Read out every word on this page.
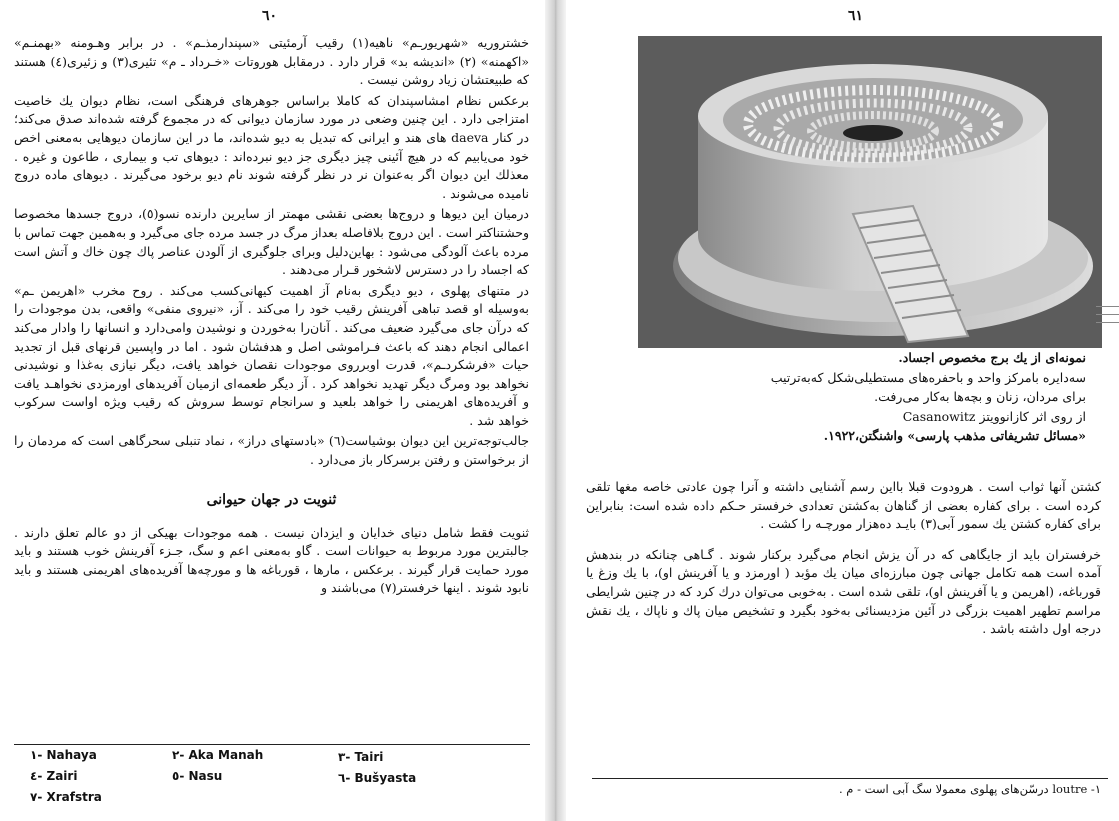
٦٠

خشتروریه «شهریورـم» ناهیه(۱) رقیب آرمئیتی «سپندارمذـم» . در برابر وهـومنه «بهمنـم» «اکهمنه» (۲) «اندیشه بد» قرار دارد . درمقابل هوروتات «خـرداد ـ م» تئیری(۳) و زئیری(٤) هستند که طبیعتشان زیاد روشن نیست .

برعکس نظام امشاسپندان که کاملا براساس جوهرهای فرهنگی است، نظام دیوان یك خاصیت امتزاجی دارد . این چنین وضعی در مورد سازمان دیوانی که در مجموع گرفته شده‌اند صدق می‌کند؛ در کنار daeva های هند و ایرانی که تبدیل به دیو شده‌اند، ما در این سازمان دیوهایی به‌معنی اخص خود می‌یابیم که در هیچ آئینی چیز دیگری جز دیو نبرده‌اند : دیوهای تب و بیماری ، طاعون و غیره . معذلك این دیوان اگر به‌عنوان نر در نظر گرفته شوند نام دیو برخود می‌گیرند . دیوهای ماده دروج نامیده می‌شوند .

درمیان این دیوها و دروج‌ها بعضی نقشی مهمتر از سایرین دارنده نسو(٥)، دروج جسدها مخصوصا وحشتناکتر است . این دروج بلافاصله بعداز مرگ در جسد مرده جای می‌گیرد و به‌همین جهت تماس با مرده باعث آلودگی می‌شود : بهاین‌دلیل وبرای جلوگیری از آلودن عناصر پاك چون خاك و آتش است که اجساد را در دسترس لاشخور قـرار می‌دهند .

در متنهای پهلوی ، دیو دیگری به‌نام آز اهمیت کیهانی‌کسب می‌کند . روح مخرب «اهریمن ـم» به‌وسیله او قصد تباهی آفرینش رقیب خود را می‌کند . آز، «نیروی منفی» واقعی، بدن موجودات را که درآن جای می‌گیرد ضعیف می‌کند . آنان‌را به‌خوردن و نوشیدن وامی‌دارد و انسانها را وادار می‌کند اعمالی انجام دهند که باعث فـراموشی اصل و هدفشان شود . اما در واپسین قرنهای قبل از تجدید حیات «فرشکردـم»، قدرت اوبرروی موجودات نقصان خواهد یافت، دیگر نیازی به‌غذا و نوشیدنی نخواهد بود ومرگ دیگر تهدید نخواهد کرد . آز دیگر طعمه‌ای ازمیان آفریدهای اورمزدی نخواهـد یافت و آفریده‌های اهریمنی را خواهد بلعید و سرانجام توسط سروش که رقیب ویژه اواست سرکوب خواهد شد .

جالب‌توجه‌ترین این دیوان بوشیاست(٦) «بادستهای دراز» ، نماد تنبلی سحرگاهی است که مردمان را از برخواستن و رفتن برسرکار باز می‌دارد .

ثنویت در جهان حیوانی

ثنویت فقط شامل دنیای خدایان و ایزدان نیست . همه موجودات بهیکی از دو عالم تعلق دارند . جالبترین مورد مربوط به حیوانات است . گاو به‌معنی اعم و سگ، جـزء آفرینش خوب هستند و باید مورد حمایت قرار گیرند . برعکس ، مارها ، قورباغه ها و مورچه‌ها آفریده‌های اهریمنی هستند و باید نابود شوند . اینها خرفستر(۷) می‌باشند و

۱- Nahaya	۲- Aka Manah	۳- Tairi
٤- Zairi	٥- Nasu	٦- Bušyasta
۷- Xrafstra
٦١
نمونه‌ای از یك برج مخصوص اجساد.
سه‌دایره بامرکز واحد و باحفره‌های مستطیلی‌شکل که‌به‌ترتیب
برای مردان، زنان و بچه‌ها به‌کار می‌رفت.
از روی اثر کازانوویتز Casanowitz
«مسائل تشریفاتی مذهب پارسی» واشنگتن،۱۹۲۲.

کشتن آنها ثواب است . هرودوت قبلا بااین رسم آشنایی داشته و آنرا چون عادتی خاصه مغها تلقی کرده است . برای کفاره بعضی از گناهان به‌کشتن تعدادی خرفستر حـکم داده شده است: بنابراین برای کفاره کشتن یك سمور آبی(۳) بایـد ده‌هزار مورچـه را کشت .

خرفستران باید از جایگاهی که در آن یزش انجام می‌گیرد برکنار شوند . گـاهی چنانکه در بندهش آمده است همه تکامل جهانی چون مبارزه‌ای میان یك مؤبد ( اورمزد و یا آفرینش او)، با یك وزغ یا قورباغه، (اهریمن و یا آفرینش او)، تلقی شده است . به‌خوبی می‌توان درك کرد که در چنین شرایطی مراسم تطهیر اهمیت بزرگی در آئین مزدیسنائی به‌خود بگیرد و تشخیص میان پاك و ناپاك ، یك نقش درجه اول داشته باشد .

۱- loutre درسّن‌های پهلوی معمولا سگ آبی است - م .
